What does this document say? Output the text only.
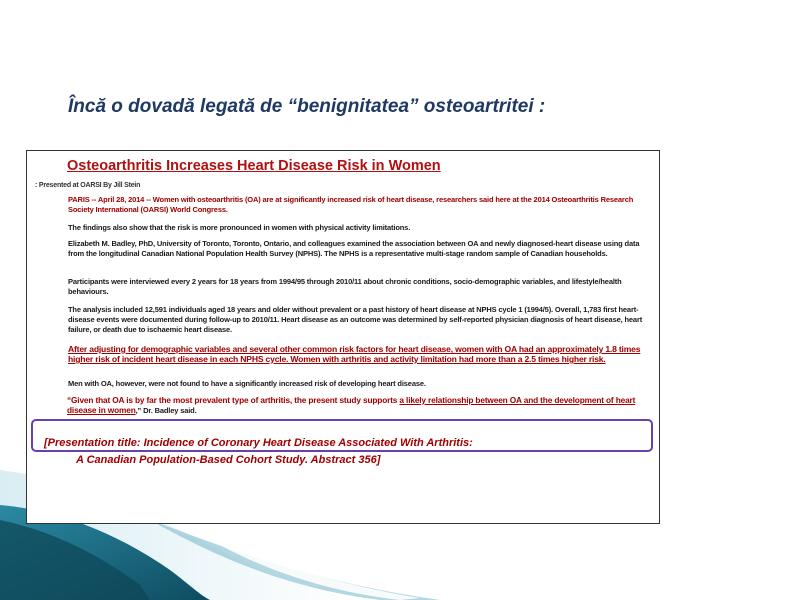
Încă o dovadă legată de “benignitatea” osteoartritei :
Osteoarthritis Increases Heart Disease Risk in Women
: Presented at OARSI By Jill Stein
PARIS -- April 28, 2014 -- Women with osteoarthritis (OA) are at significantly increased risk of heart disease, researchers said here at the 2014 Osteoarthritis Research Society International (OARSI) World Congress.
The findings also show that the risk is more pronounced in women with physical activity limitations.
Elizabeth M. Badley, PhD, University of Toronto, Toronto, Ontario, and colleagues examined the association between OA and newly diagnosed-heart disease using data from the longitudinal Canadian National Population Health Survey (NPHS). The NPHS is a representative multi-stage random sample of Canadian households.
Participants were interviewed every 2 years for 18 years from 1994/95 through 2010/11 about chronic conditions, socio-demographic variables, and lifestyle/health behaviours.
The analysis included 12,591 individuals aged 18 years and older without prevalent or a past history of heart disease at NPHS cycle 1 (1994/5). Overall, 1,783 first heart-disease events were documented during follow-up to 2010/11. Heart disease as an outcome was determined by self-reported physician diagnosis of heart disease, heart failure, or death due to ischaemic heart disease.
After adjusting for demographic variables and several other common risk factors for heart disease, women with OA had an approximately 1.8 times higher risk of incident heart disease in each NPHS cycle. Women with arthritis and activity limitation had more than a 2.5 times higher risk.
Men with OA, however, were not found to have a significantly increased risk of developing heart disease.
“Given that OA is by far the most prevalent type of arthritis, the present study supports a likely relationship between OA and the development of heart disease in women,” Dr. Badley said.
[Presentation title: Incidence of Coronary Heart Disease Associated With Arthritis:
A Canadian Population-Based Cohort Study. Abstract 356]
